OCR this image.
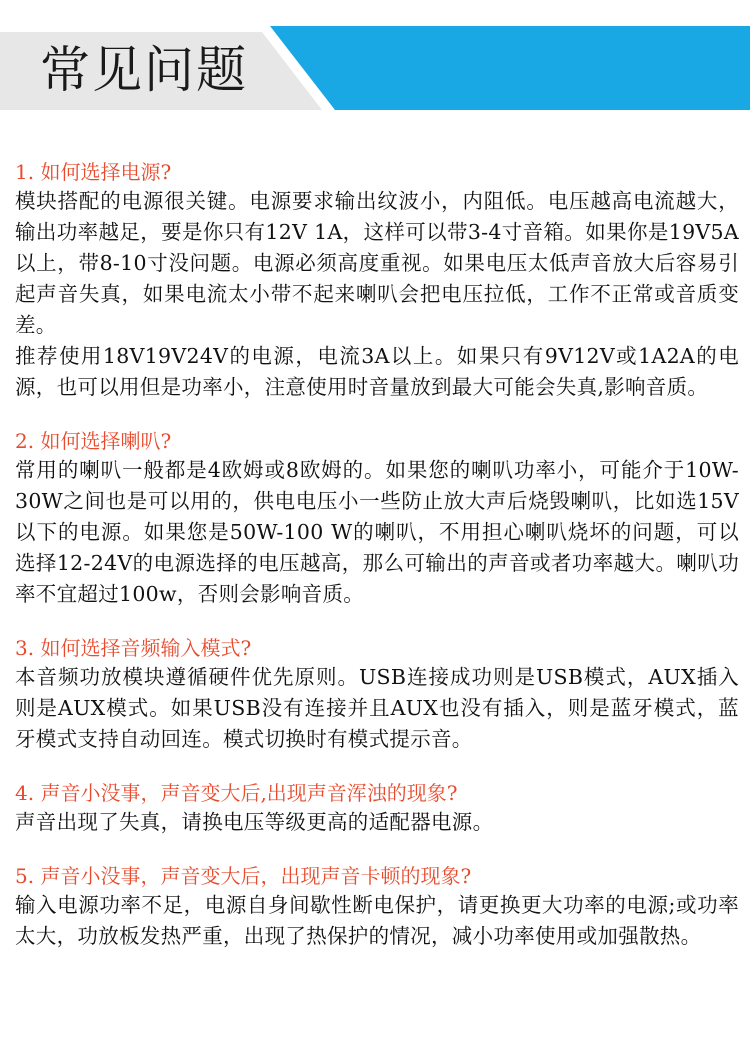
常见问题
1. 如何选择电源?

模块搭配的电源很关键。电源要求输出纹波小，内阻低。电压越高电流越大，输出功率越足，要是你只有12V 1A，这样可以带3-4寸音箱。如果你是19V5A以上，带8-10寸没问题。电源必须高度重视。如果电压太低声音放大后容易引起声音失真，如果电流太小带不起来喇叭会把电压拉低，工作不正常或音质变差。

推荐使用18V19V24V的电源，电流3A以上。如果只有9V12V或1A2A的电源，也可以用但是功率小，注意使用时音量放到最大可能会失真,影响音质。

2. 如何选择喇叭?

常用的喇叭一般都是4欧姆或8欧姆的。如果您的喇叭功率小，可能介于10W-30W之间也是可以用的，供电电压小一些防止放大声后烧毁喇叭，比如选15V以下的电源。如果您是50W-100 W的喇叭，不用担心喇叭烧坏的问题，可以选择12-24V的电源选择的电压越高，那么可输出的声音或者功率越大。喇叭功率不宜超过100w，否则会影响音质。

3. 如何选择音频输入模式?

本音频功放模块遵循硬件优先原则。USB连接成功则是USB模式，AUX插入则是AUX模式。如果USB没有连接并且AUX也没有插入，则是蓝牙模式，蓝牙模式支持自动回连。模式切换时有模式提示音。

4. 声音小没事，声音变大后,出现声音浑浊的现象?

声音出现了失真，请换电压等级更高的适配器电源。

5. 声音小没事，声音变大后，出现声音卡顿的现象?

输入电源功率不足，电源自身间歇性断电保护，请更换更大功率的电源;或功率太大，功放板发热严重，出现了热保护的情况，减小功率使用或加强散热。
